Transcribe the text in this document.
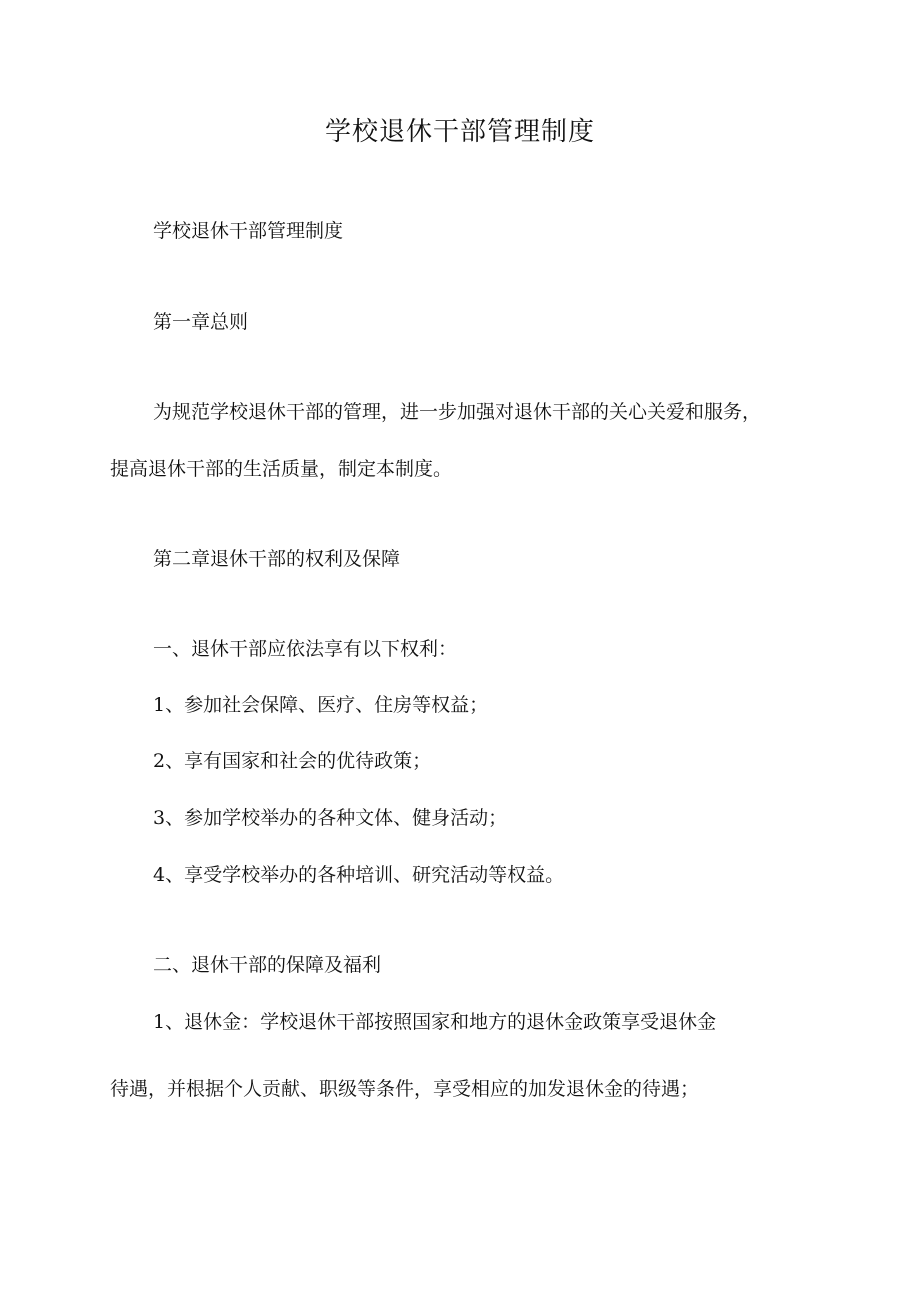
学校退休干部管理制度
学校退休干部管理制度
第一章总则
为规范学校退休干部的管理，进一步加强对退休干部的关心关爱和服务，
提高退休干部的生活质量，制定本制度。
第二章退休干部的权利及保障
一、退休干部应依法享有以下权利：
1、参加社会保障、医疗、住房等权益；
2、享有国家和社会的优待政策；
3、参加学校举办的各种文体、健身活动；
4、享受学校举办的各种培训、研究活动等权益。
二、退休干部的保障及福利
1、退休金：学校退休干部按照国家和地方的退休金政策享受退休金
待遇，并根据个人贡献、职级等条件，享受相应的加发退休金的待遇；
